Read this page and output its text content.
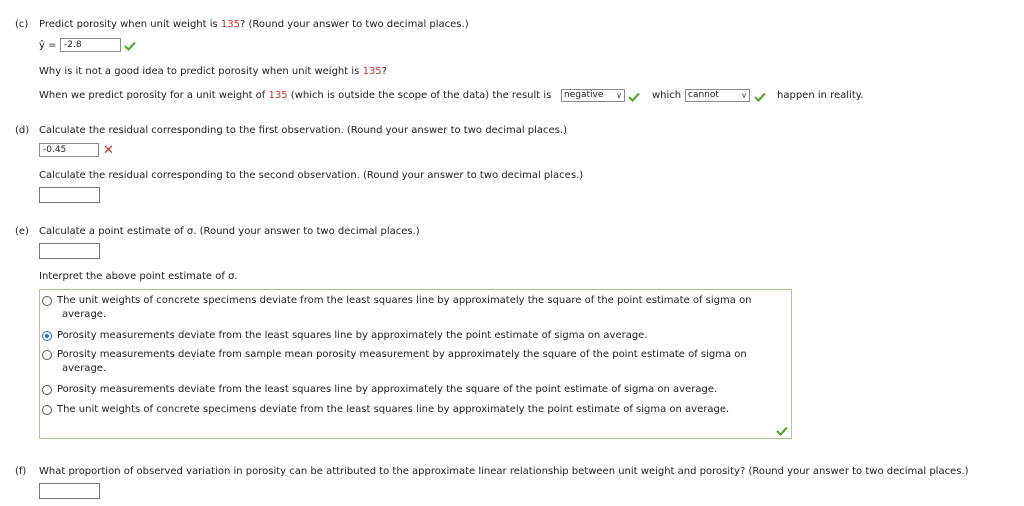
(c) Predict porosity when unit weight is 135? (Round your answer to two decimal places.)
ŷ = -2.8
Why is it not a good idea to predict porosity when unit weight is 135?
When we predict porosity for a unit weight of 135 (which is outside the scope of the data) the result is	negative ∨	which cannot	∨	happen in reality.
(d) Calculate the residual corresponding to the first observation. (Round your answer to two decimal places.)
-0.45	✕
Calculate the residual corresponding to the second observation. (Round your answer to two decimal places.)
(e) Calculate a point estimate of σ. (Round your answer to two decimal places.)
Interpret the above point estimate of σ.
The unit weights of concrete specimens deviate from the least squares line by approximately the square of the point estimate of sigma on
average.
Porosity measurements deviate from the least squares line by approximately the point estimate of sigma on average.
Porosity measurements deviate from sample mean porosity measurement by approximately the square of the point estimate of sigma on
average.
Porosity measurements deviate from the least squares line by approximately the square of the point estimate of sigma on average.
The unit weights of concrete specimens deviate from the least squares line by approximately the point estimate of sigma on average.
(f) What proportion of observed variation in porosity can be attributed to the approximate linear relationship between unit weight and porosity? (Round your answer to two decimal places.)
